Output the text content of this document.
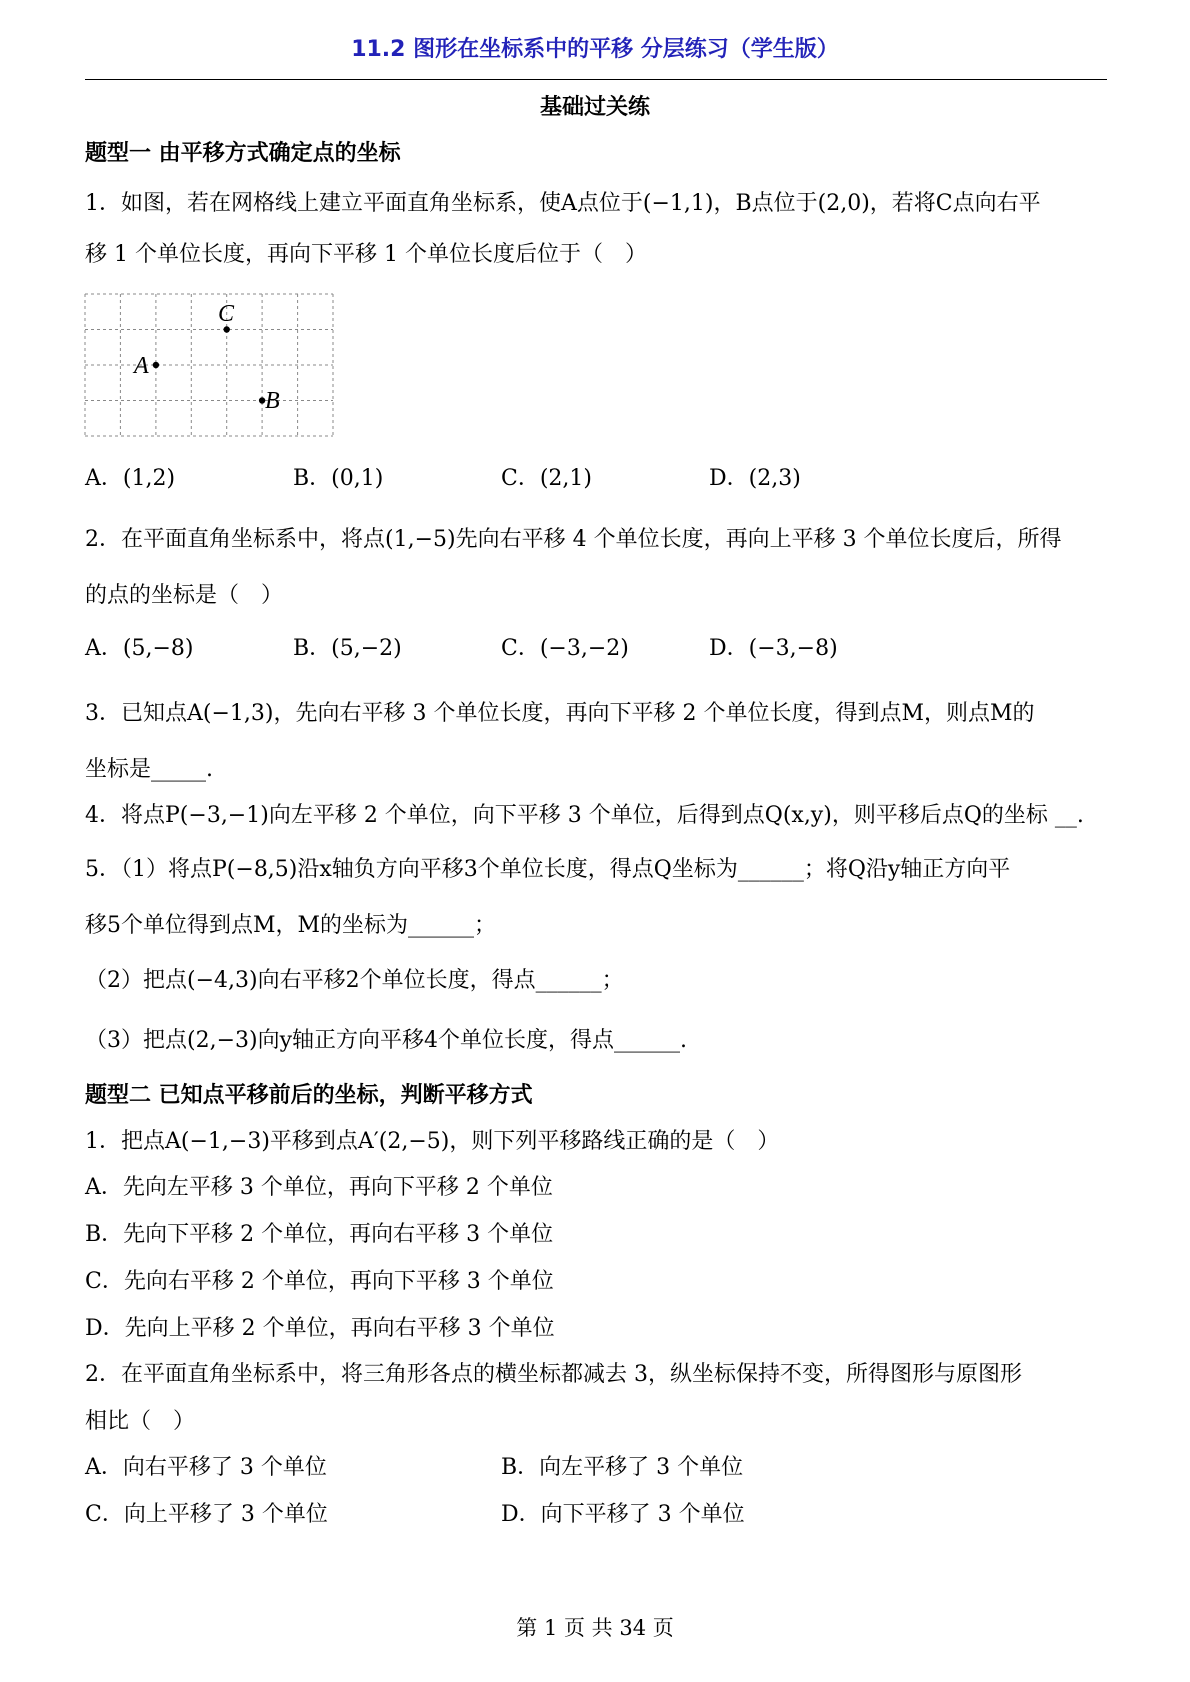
11.2 图形在坐标系中的平移 分层练习（学生版）
基础过关练
题型一 由平移方式确定点的坐标
1．如图，若在网格线上建立平面直角坐标系，使A点位于(−1,1)，B点位于(2,0)，若将C点向右平
移 1 个单位长度，再向下平移 1 个单位长度后位于（　）
C
A
B
A．(1,2)	B．(0,1)	C．(2,1)	D．(2,3)
2．在平面直角坐标系中，将点(1,−5)先向右平移 4 个单位长度，再向上平移 3 个单位长度后，所得
的点的坐标是（　）
A．(5,−8)	B．(5,−2)	C．(−3,−2)	D．(−3,−8)
3．已知点A(−1,3)，先向右平移 3 个单位长度，再向下平移 2 个单位长度，得到点M，则点M的
坐标是_____.
4．将点P(−3,−1)向左平移 2 个单位，向下平移 3 个单位，后得到点Q(x,y)，则平移后点Q的坐标 __.
5．（1）将点P(−8,5)沿x轴负方向平移3个单位长度，得点Q坐标为______；将Q沿y轴正方向平
移5个单位得到点M，M的坐标为______；
（2）把点(−4,3)向右平移2个单位长度，得点______；
（3）把点(2,−3)向y轴正方向平移4个单位长度，得点______.
题型二 已知点平移前后的坐标，判断平移方式
1．把点A(−1,−3)平移到点A′(2,−5)，则下列平移路线正确的是（　）
A．先向左平移 3 个单位，再向下平移 2 个单位
B．先向下平移 2 个单位，再向右平移 3 个单位
C．先向右平移 2 个单位，再向下平移 3 个单位
D．先向上平移 2 个单位，再向右平移 3 个单位
2．在平面直角坐标系中，将三角形各点的横坐标都减去 3，纵坐标保持不变，所得图形与原图形
相比（　）
A．向右平移了 3 个单位	B．向左平移了 3 个单位
C．向上平移了 3 个单位	D．向下平移了 3 个单位
第 1 页 共 34 页
